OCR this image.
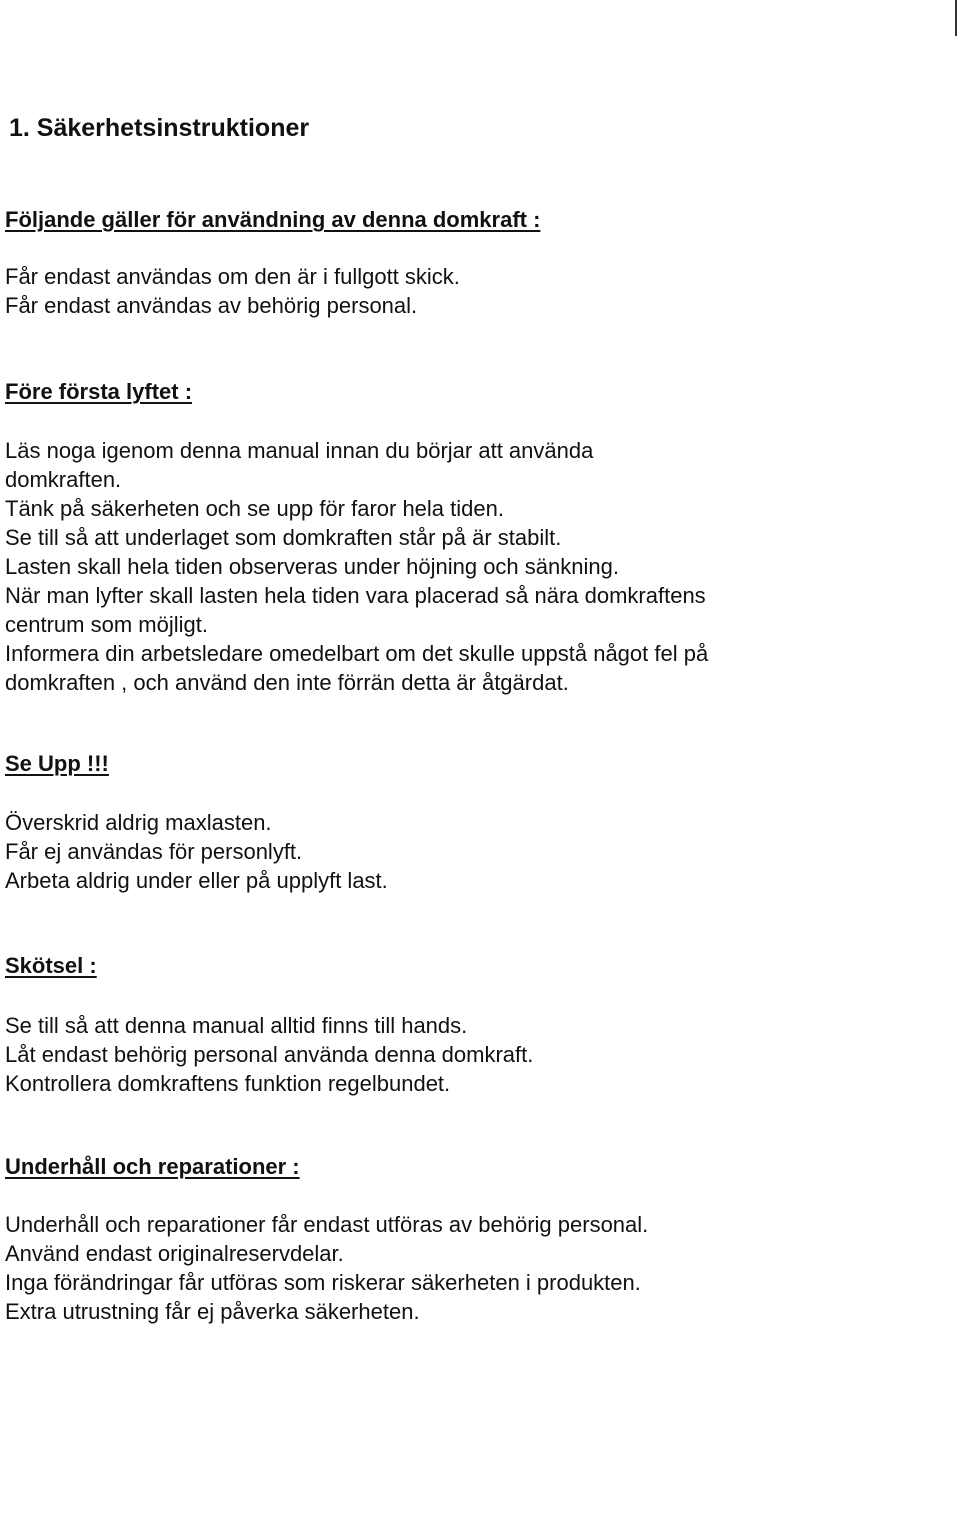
1. Säkerhetsinstruktioner
Följande gäller för användning av denna domkraft :
Får endast användas om den är i fullgott skick.
Får endast användas av behörig personal.
Före första lyftet :
Läs noga igenom denna manual innan du börjar att använda
domkraften.
Tänk på säkerheten och se upp för faror hela tiden.
Se till så att underlaget som domkraften står på är stabilt.
Lasten skall hela tiden observeras under höjning och sänkning.
När man lyfter skall lasten hela tiden vara placerad så nära domkraftens
centrum som möjligt.
Informera din arbetsledare omedelbart om det skulle uppstå något fel på
domkraften , och använd den inte förrän detta är åtgärdat.
Se Upp !!!
Överskrid aldrig maxlasten.
Får ej användas för personlyft.
Arbeta aldrig under eller på upplyft last.
Skötsel :
Se till så att denna manual alltid finns till hands.
Låt endast behörig personal använda denna domkraft.
Kontrollera domkraftens funktion regelbundet.
Underhåll och reparationer :
Underhåll och reparationer får endast utföras av behörig personal.
Använd endast originalreservdelar.
Inga förändringar får utföras som riskerar säkerheten i produkten.
Extra utrustning får ej påverka säkerheten.
